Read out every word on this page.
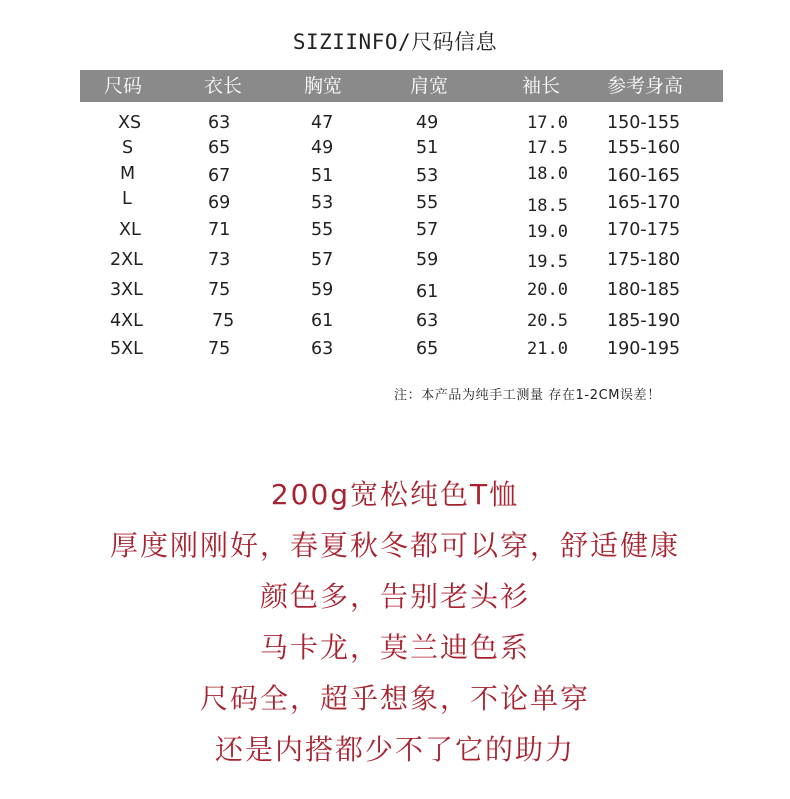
SIZIINFO/尺码信息
尺码	衣长	胸宽	肩宽	袖长 参考身高
XS	63	47	49	17.0 150-155
S	65	49	51	17.5 155-160
M	67	51	53	18.0 160-165
L	69	53	55	18.5 165-170
XL	71	55	57	19.0 170-175
2XL	73	57	59	19.5 175-180
3XL	75	59	61	20.0 180-185
4XL	75	61	63	20.5 185-190
5XL	75	63	65	21.0 190-195
注：本产品为纯手工测量 存在1-2CM误差！
200g宽松纯色T恤
厚度刚刚好，春夏秋冬都可以穿，舒适健康
颜色多，告别老头衫
马卡龙，莫兰迪色系
尺码全，超乎想象，不论单穿
还是内搭都少不了它的助力
